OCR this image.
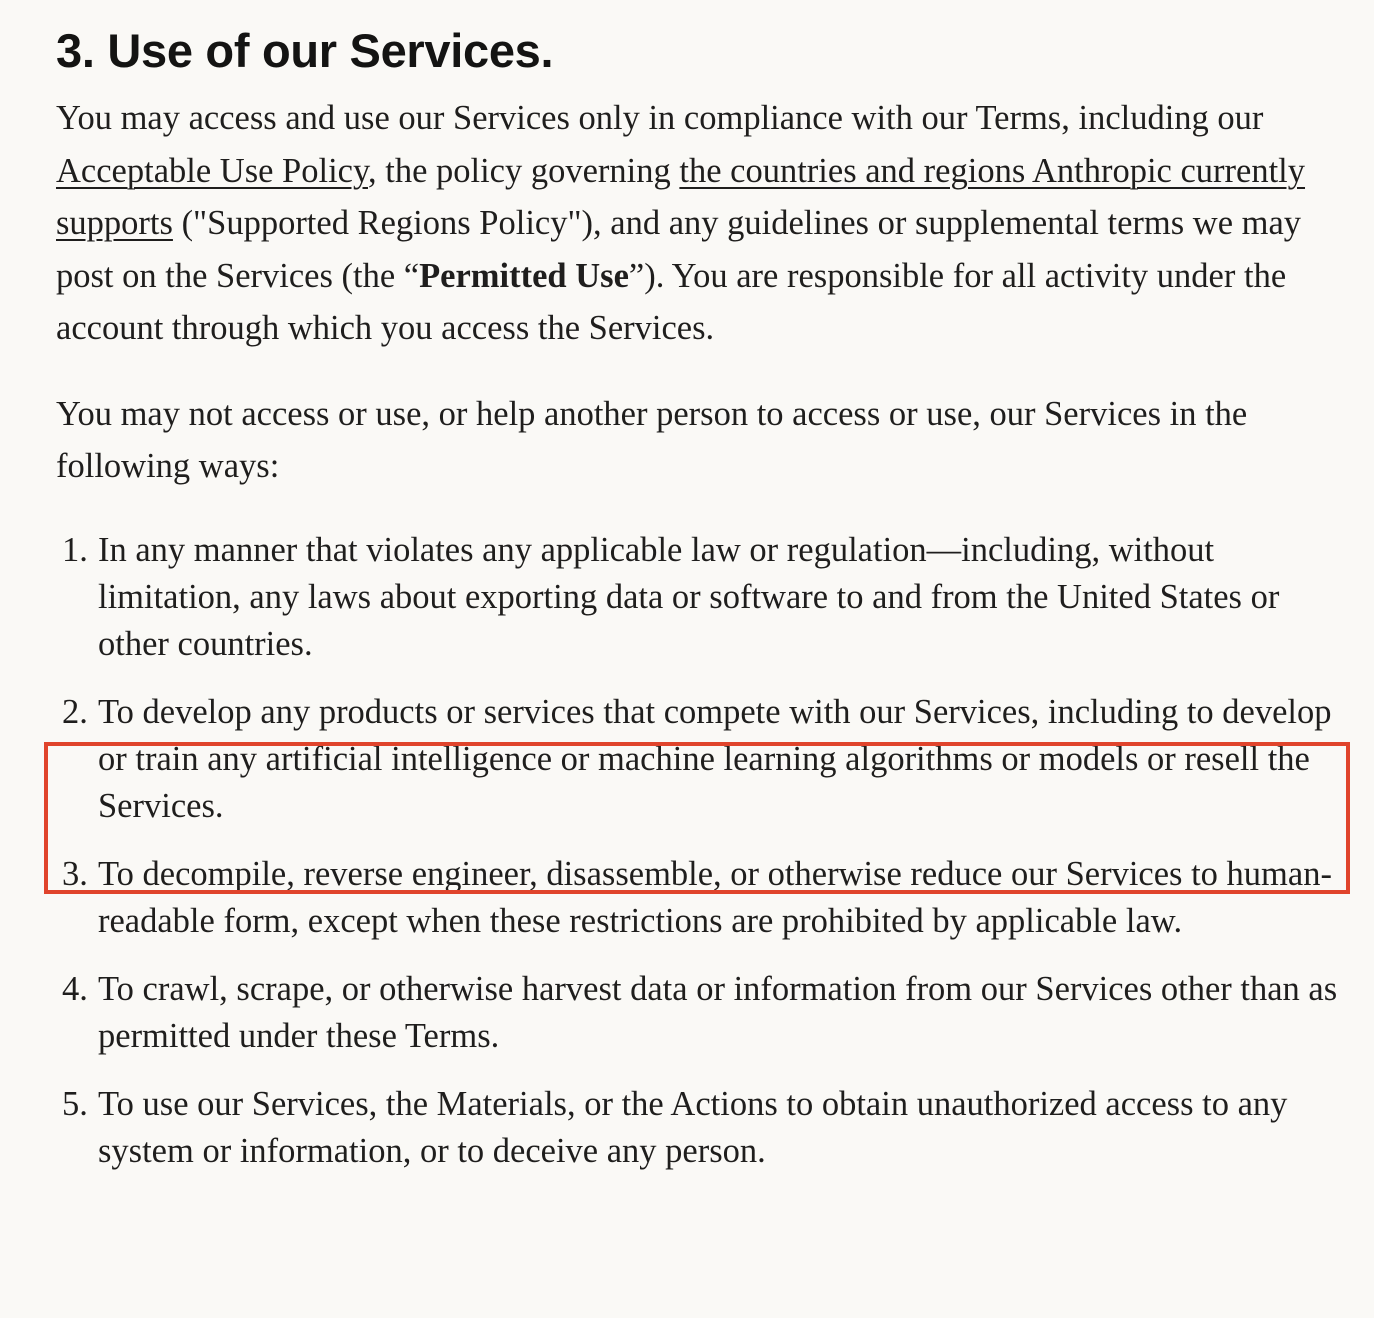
3. Use of our Services.

You may access and use our Services only in compliance with our Terms, including our Acceptable Use Policy, the policy governing the countries and regions Anthropic currently supports ("Supported Regions Policy"), and any guidelines or supplemental terms we may post on the Services (the “Permitted Use”). You are responsible for all activity under the account through which you access the Services.

You may not access or use, or help another person to access or use, our Services in the following ways:

1. In any manner that violates any applicable law or regulation—including, without limitation, any laws about exporting data or software to and from the United States or other countries.
2. To develop any products or services that compete with our Services, including to develop or train any artificial intelligence or machine learning algorithms or models or resell the Services.
3. To decompile, reverse engineer, disassemble, or otherwise reduce our Services to human-readable form, except when these restrictions are prohibited by applicable law.
4. To crawl, scrape, or otherwise harvest data or information from our Services other than as permitted under these Terms.
5. To use our Services, the Materials, or the Actions to obtain unauthorized access to any system or information, or to deceive any person.
